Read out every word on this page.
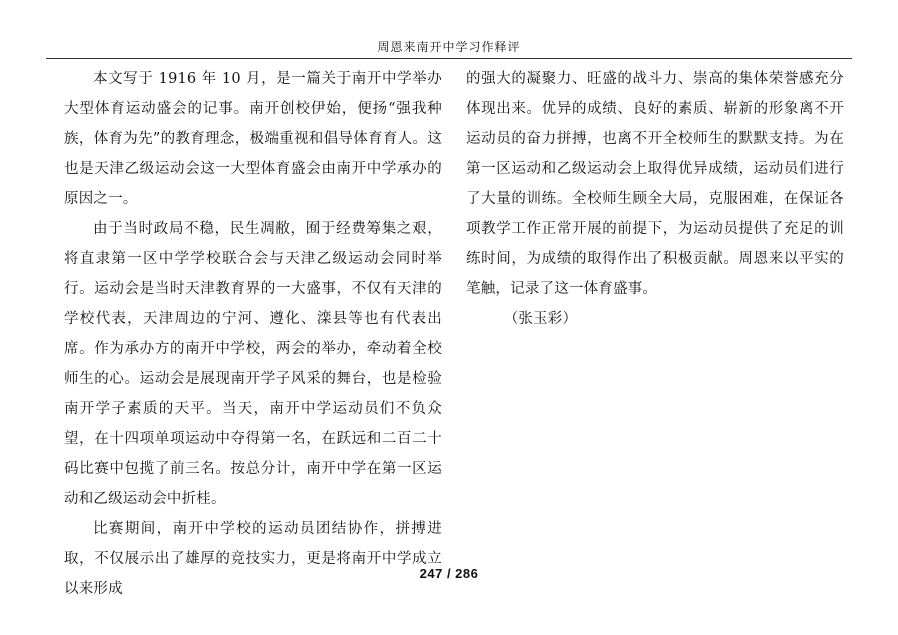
周恩来南开中学习作释评

本文写于 1916 年 10 月，是一篇关于南开中学举办大型体育运动盛会的记事。南开创校伊始，便扬“强我种族，体育为先”的教育理念，极端重视和倡导体育育人。这也是天津乙级运动会这一大型体育盛会由南开中学承办的原因之一。

由于当时政局不稳，民生凋敝，囿于经费筹集之艰，将直隶第一区中学学校联合会与天津乙级运动会同时举行。运动会是当时天津教育界的一大盛事，不仅有天津的学校代表，天津周边的宁河、遵化、滦县等也有代表出席。作为承办方的南开中学校，两会的举办，牵动着全校师生的心。运动会是展现南开学子风采的舞台，也是检验南开学子素质的天平。当天，南开中学运动员们不负众望，在十四项单项运动中夺得第一名，在跃远和二百二十码比赛中包揽了前三名。按总分计，南开中学在第一区运动和乙级运动会中折桂。

比赛期间，南开中学校的运动员团结协作，拼搏进取，不仅展示出了雄厚的竞技实力，更是将南开中学成立以来形成

的强大的凝聚力、旺盛的战斗力、崇高的集体荣誉感充分体现出来。优异的成绩、良好的素质、崭新的形象离不开运动员的奋力拼搏，也离不开全校师生的默默支持。为在第一区运动和乙级运动会上取得优异成绩，运动员们进行了大量的训练。全校师生顾全大局，克服困难，在保证各项教学工作正常开展的前提下，为运动员提供了充足的训练时间，为成绩的取得作出了积极贡献。周恩来以平实的笔触，记录了这一体育盛事。

（张玉彩）

247 / 286
